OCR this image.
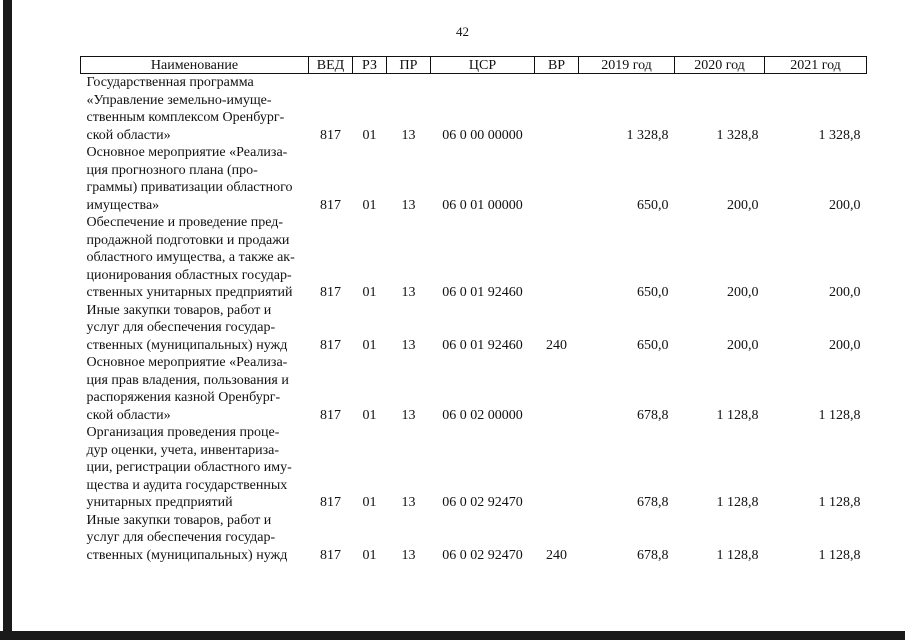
42
Наименование	ВЕД	РЗ	ПР	ЦСР	ВР	2019 год	2020 год	2021 год

Государственная программа
«Управление земельно-имуще-
ственным комплексом Оренбург-
ской области»	817	01	13	06 0 00 00000		1 328,8	1 328,8	1 328,8

Основное мероприятие «Реализа-
ция прогнозного плана (про-
граммы) приватизации областного
имущества»	817	01	13	06 0 01 00000		650,0	200,0	200,0

Обеспечение и проведение пред-
продажной подготовки и продажи
областного имущества, а также ак-
ционирования областных государ-
ственных унитарных предприятий	817	01	13	06 0 01 92460		650,0	200,0	200,0

Иные закупки товаров, работ и
услуг для обеспечения государ-
ственных (муниципальных) нужд	817	01	13	06 0 01 92460	240	650,0	200,0	200,0

Основное мероприятие «Реализа-
ция прав владения, пользования и
распоряжения казной Оренбург-
ской области»	817	01	13	06 0 02 00000		678,8	1 128,8	1 128,8

Организация проведения проце-
дур оценки, учета, инвентариза-
ции, регистрации областного иму-
щества и аудита государственных
унитарных предприятий	817	01	13	06 0 02 92470		678,8	1 128,8	1 128,8

Иные закупки товаров, работ и
услуг для обеспечения государ-
ственных (муниципальных) нужд	817	01	13	06 0 02 92470	240	678,8	1 128,8	1 128,8
